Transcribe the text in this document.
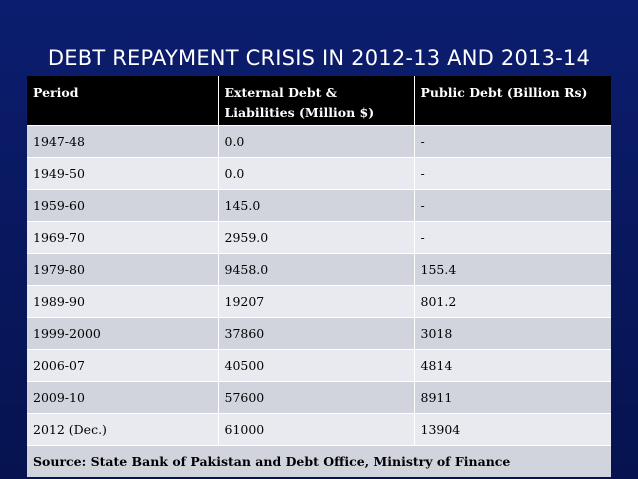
DEBT REPAYMENT CRISIS IN 2012-13 AND 2013-14
Period	External Debt & Liabilities (Million $)	Public Debt (Billion Rs)
1947-48	0.0	-
1949-50	0.0	-
1959-60	145.0	-
1969-70	2959.0	-
1979-80	9458.0	155.4
1989-90	19207	801.2
1999-2000	37860	3018
2006-07	40500	4814
2009-10	57600	8911
2012 (Dec.)	61000	13904
Source: State Bank of Pakistan and Debt Office, Ministry of Finance		
